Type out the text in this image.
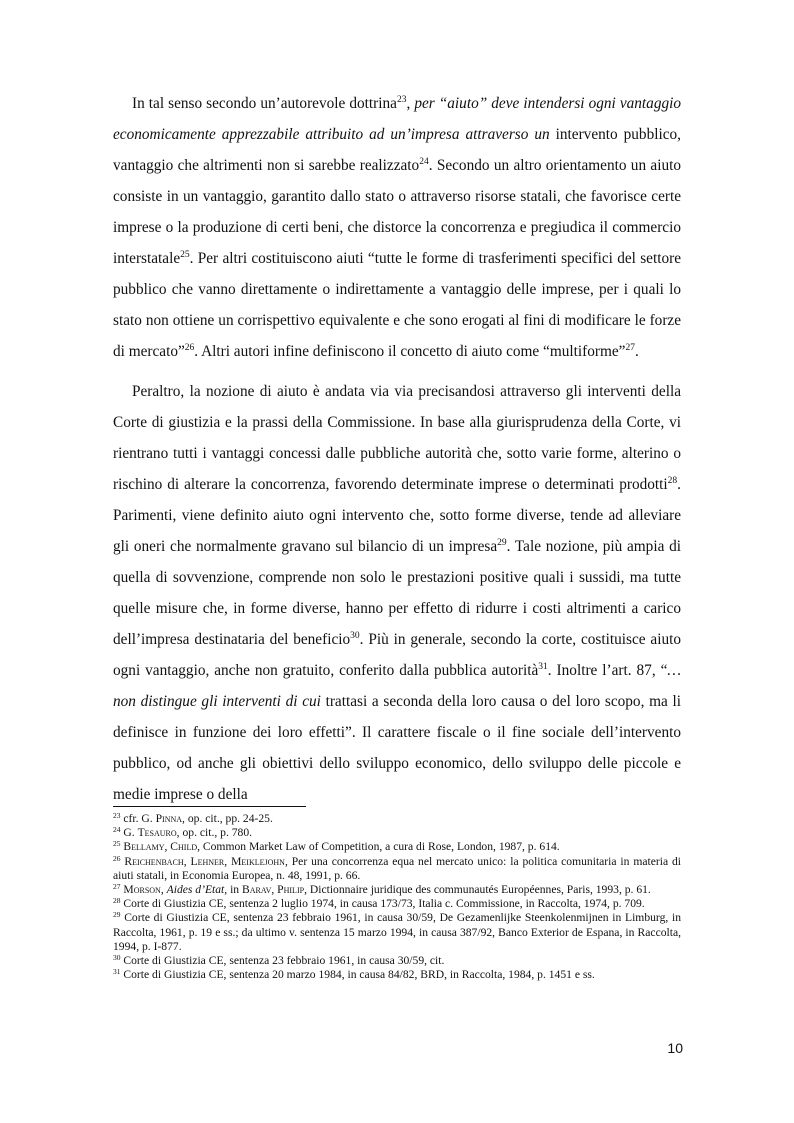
In tal senso secondo un’autorevole dottrina$^{23}$, per “aiuto” deve intendersi ogni vantaggio economicamente apprezzabile attribuito ad un’impresa attraverso un intervento pubblico, vantaggio che altrimenti non si sarebbe realizzato$^{24}$. Secondo un altro orientamento un aiuto consiste in un vantaggio, garantito dallo stato o attraverso risorse statali, che favorisce certe imprese o la produzione di certi beni, che distorce la concorrenza e pregiudica il commercio interstatale$^{25}$. Per altri costituiscono aiuti “tutte le forme di trasferimenti specifici del settore pubblico che vanno direttamente o indirettamente a vantaggio delle imprese, per i quali lo stato non ottiene un corrispettivo equivalente e che sono erogati al fini di modificare le forze di mercato”$^{26}$. Altri autori infine definiscono il concetto di aiuto come “multiforme”$^{27}$.

Peraltro, la nozione di aiuto è andata via via precisandosi attraverso gli interventi della Corte di giustizia e la prassi della Commissione. In base alla giurisprudenza della Corte, vi rientrano tutti i vantaggi concessi dalle pubbliche autorità che, sotto varie forme, alterino o rischino di alterare la concorrenza, favorendo determinate imprese o determinati prodotti$^{28}$. Parimenti, viene definito aiuto ogni intervento che, sotto forme diverse, tende ad alleviare gli oneri che normalmente gravano sul bilancio di un impresa$^{29}$. Tale nozione, più ampia di quella di sovvenzione, comprende non solo le prestazioni positive quali i sussidi, ma tutte quelle misure che, in forme diverse, hanno per effetto di ridurre i costi altrimenti a carico dell’impresa destinataria del beneficio$^{30}$. Più in generale, secondo la corte, costituisce aiuto ogni vantaggio, anche non gratuito, conferito dalla pubblica autorità$^{31}$. Inoltre l’art. 87, “…non distingue gli interventi di cui trattasi a seconda della loro causa o del loro scopo, ma li definisce in funzione dei loro effetti”. Il carattere fiscale o il fine sociale dell’intervento pubblico, od anche gli obiettivi dello sviluppo economico, dello sviluppo delle piccole e medie imprese o della

$^{23}$ cfr. G. Pinna, op. cit., pp. 24-25.

$^{24}$ G. Tesauro, op. cit., p. 780.

$^{25}$ Bellamy, Child, Common Market Law of Competition, a cura di Rose, London, 1987, p. 614.

$^{26}$ Reichenbach, Lehner, Meiklejohn, Per una concorrenza equa nel mercato unico: la politica comunitaria in materia di aiuti statali, in Economia Europea, n. 48, 1991, p. 66.

$^{27}$ Morson, Aides d’Etat, in Barav, Philip, Dictionnaire juridique des communautés Européennes, Paris, 1993, p. 61.

$^{28}$ Corte di Giustizia CE, sentenza 2 luglio 1974, in causa 173/73, Italia c. Commissione, in Raccolta, 1974, p. 709.

$^{29}$ Corte di Giustizia CE, sentenza 23 febbraio 1961, in causa 30/59, De Gezamenlijke Steenkolenmijnen in Limburg, in Raccolta, 1961, p. 19 e ss.; da ultimo v. sentenza 15 marzo 1994, in causa 387/92, Banco Exterior de Espana, in Raccolta, 1994, p. I-877.

$^{30}$ Corte di Giustizia CE, sentenza 23 febbraio 1961, in causa 30/59, cit.

$^{31}$ Corte di Giustizia CE, sentenza 20 marzo 1984, in causa 84/82, BRD, in Raccolta, 1984, p. 1451 e ss.

10
